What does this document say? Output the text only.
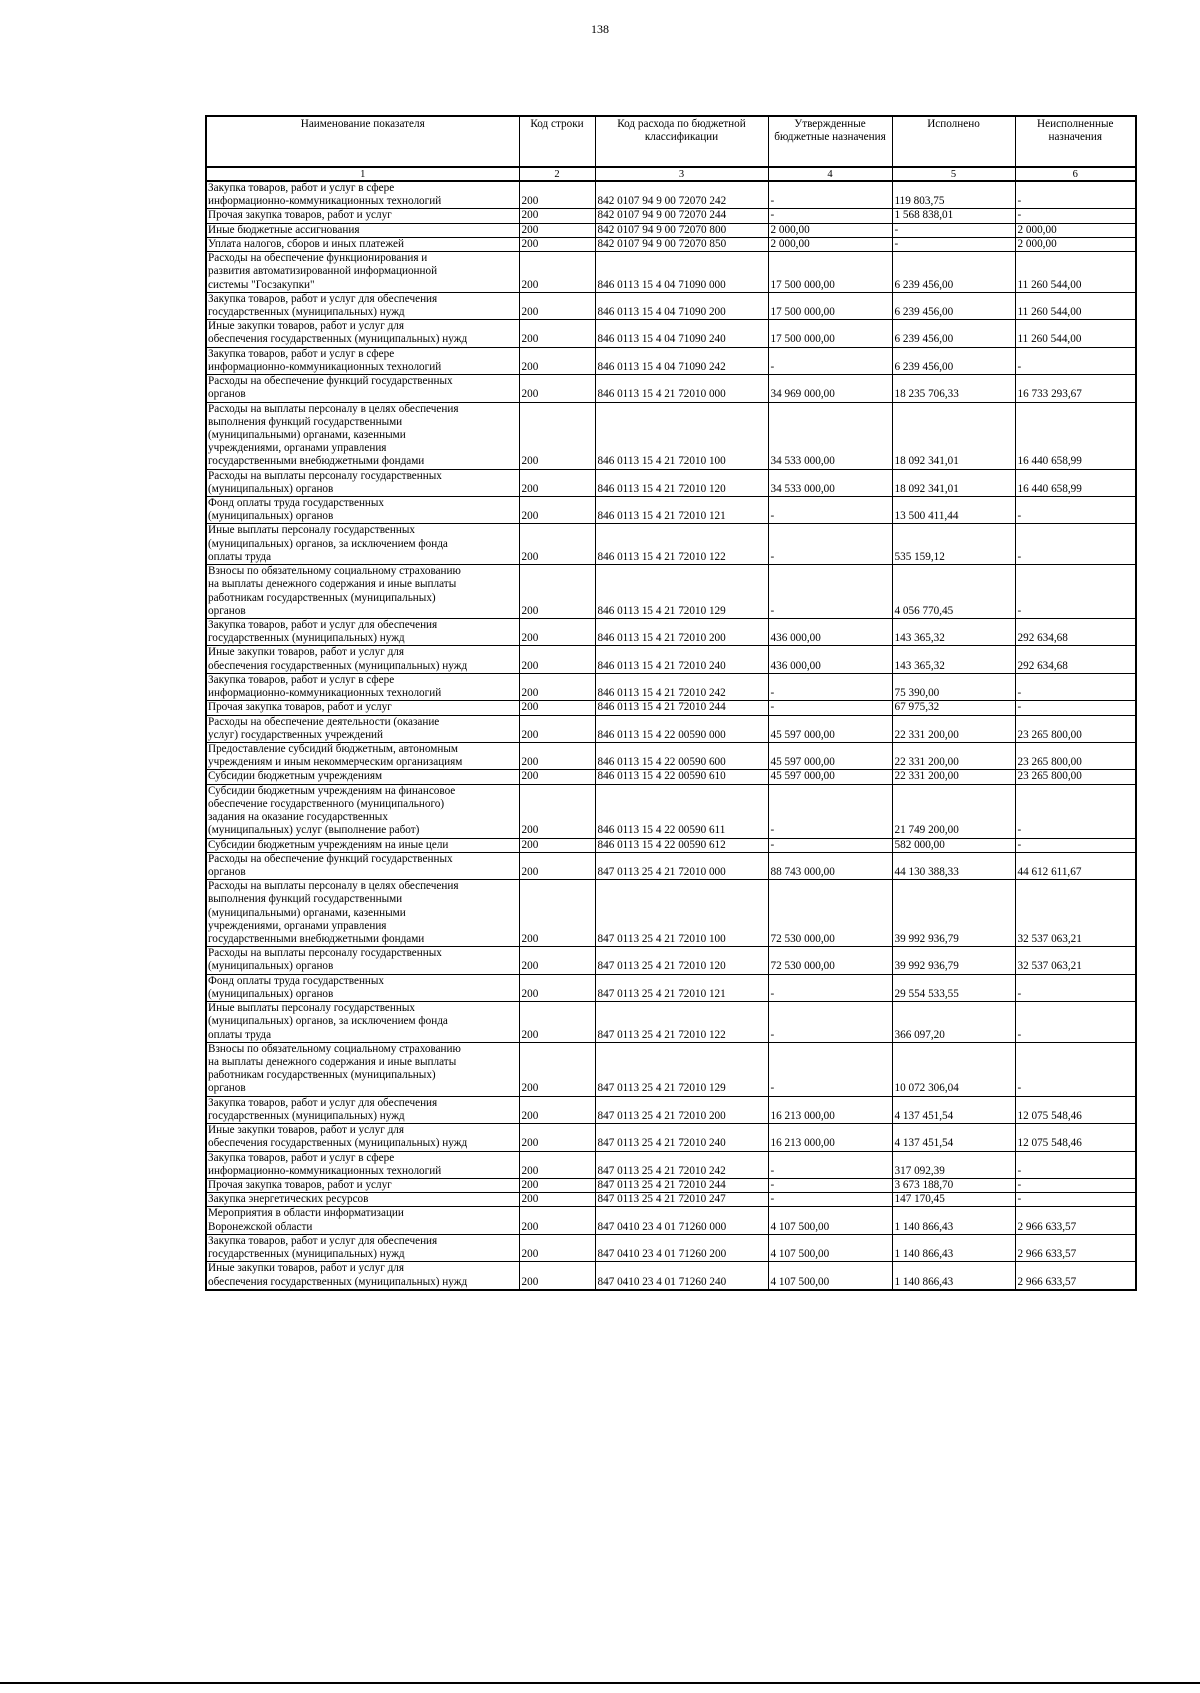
138
Наименование показателя	Код строки	Код расхода по бюджетной классификации	Утвержденные бюджетные назначения	Исполнено	Неисполненные назначения
1	2	3	4	5	6
Закупка товаров, работ и услуг в сфере
информационно-коммуникационных технологий	200	842 0107 94 9 00 72070 242	-	119 803,75	-
Прочая закупка товаров, работ и услуг	200	842 0107 94 9 00 72070 244	-	1 568 838,01	-
Иные бюджетные ассигнования	200	842 0107 94 9 00 72070 800	2 000,00	-	2 000,00
Уплата налогов, сборов и иных платежей	200	842 0107 94 9 00 72070 850	2 000,00	-	2 000,00
Расходы на обеспечение функционирования и
развития автоматизированной информационной
системы "Госзакупки"	200	846 0113 15 4 04 71090 000	17 500 000,00	6 239 456,00	11 260 544,00
Закупка товаров, работ и услуг для обеспечения
государственных (муниципальных) нужд	200	846 0113 15 4 04 71090 200	17 500 000,00	6 239 456,00	11 260 544,00
Иные закупки товаров, работ и услуг для
обеспечения государственных (муниципальных) нужд	200	846 0113 15 4 04 71090 240	17 500 000,00	6 239 456,00	11 260 544,00
Закупка товаров, работ и услуг в сфере
информационно-коммуникационных технологий	200	846 0113 15 4 04 71090 242	-	6 239 456,00	-
Расходы на обеспечение функций государственных
органов	200	846 0113 15 4 21 72010 000	34 969 000,00	18 235 706,33	16 733 293,67
Расходы на выплаты персоналу в целях обеспечения
выполнения функций государственными
(муниципальными) органами, казенными
учреждениями, органами управления
государственными внебюджетными фондами	200	846 0113 15 4 21 72010 100	34 533 000,00	18 092 341,01	16 440 658,99
Расходы на выплаты персоналу государственных
(муниципальных) органов	200	846 0113 15 4 21 72010 120	34 533 000,00	18 092 341,01	16 440 658,99
Фонд оплаты труда государственных
(муниципальных) органов	200	846 0113 15 4 21 72010 121	-	13 500 411,44	-
Иные выплаты персоналу государственных
(муниципальных) органов, за исключением фонда
оплаты труда	200	846 0113 15 4 21 72010 122	-	535 159,12	-
Взносы по обязательному социальному страхованию
на выплаты денежного содержания и иные выплаты
работникам государственных (муниципальных)
органов	200	846 0113 15 4 21 72010 129	-	4 056 770,45	-
Закупка товаров, работ и услуг для обеспечения
государственных (муниципальных) нужд	200	846 0113 15 4 21 72010 200	436 000,00	143 365,32	292 634,68
Иные закупки товаров, работ и услуг для
обеспечения государственных (муниципальных) нужд	200	846 0113 15 4 21 72010 240	436 000,00	143 365,32	292 634,68
Закупка товаров, работ и услуг в сфере
информационно-коммуникационных технологий	200	846 0113 15 4 21 72010 242	-	75 390,00	-
Прочая закупка товаров, работ и услуг	200	846 0113 15 4 21 72010 244	-	67 975,32	-
Расходы на обеспечение деятельности (оказание
услуг) государственных учреждений	200	846 0113 15 4 22 00590 000	45 597 000,00	22 331 200,00	23 265 800,00
Предоставление субсидий бюджетным, автономным
учреждениям и иным некоммерческим организациям	200	846 0113 15 4 22 00590 600	45 597 000,00	22 331 200,00	23 265 800,00
Субсидии бюджетным учреждениям	200	846 0113 15 4 22 00590 610	45 597 000,00	22 331 200,00	23 265 800,00
Субсидии бюджетным учреждениям на финансовое
обеспечение государственного (муниципального)
задания на оказание государственных
(муниципальных) услуг (выполнение работ)	200	846 0113 15 4 22 00590 611	-	21 749 200,00	-
Субсидии бюджетным учреждениям на иные цели	200	846 0113 15 4 22 00590 612	-	582 000,00	-
Расходы на обеспечение функций государственных
органов	200	847 0113 25 4 21 72010 000	88 743 000,00	44 130 388,33	44 612 611,67
Расходы на выплаты персоналу в целях обеспечения
выполнения функций государственными
(муниципальными) органами, казенными
учреждениями, органами управления
государственными внебюджетными фондами	200	847 0113 25 4 21 72010 100	72 530 000,00	39 992 936,79	32 537 063,21
Расходы на выплаты персоналу государственных
(муниципальных) органов	200	847 0113 25 4 21 72010 120	72 530 000,00	39 992 936,79	32 537 063,21
Фонд оплаты труда государственных
(муниципальных) органов	200	847 0113 25 4 21 72010 121	-	29 554 533,55	-
Иные выплаты персоналу государственных
(муниципальных) органов, за исключением фонда
оплаты труда	200	847 0113 25 4 21 72010 122	-	366 097,20	-
Взносы по обязательному социальному страхованию
на выплаты денежного содержания и иные выплаты
работникам государственных (муниципальных)
органов	200	847 0113 25 4 21 72010 129	-	10 072 306,04	-
Закупка товаров, работ и услуг для обеспечения
государственных (муниципальных) нужд	200	847 0113 25 4 21 72010 200	16 213 000,00	4 137 451,54	12 075 548,46
Иные закупки товаров, работ и услуг для
обеспечения государственных (муниципальных) нужд	200	847 0113 25 4 21 72010 240	16 213 000,00	4 137 451,54	12 075 548,46
Закупка товаров, работ и услуг в сфере
информационно-коммуникационных технологий	200	847 0113 25 4 21 72010 242	-	317 092,39	-
Прочая закупка товаров, работ и услуг	200	847 0113 25 4 21 72010 244	-	3 673 188,70	-
Закупка энергетических ресурсов	200	847 0113 25 4 21 72010 247	-	147 170,45	-
Мероприятия в области информатизации
Воронежской области	200	847 0410 23 4 01 71260 000	4 107 500,00	1 140 866,43	2 966 633,57
Закупка товаров, работ и услуг для обеспечения
государственных (муниципальных) нужд	200	847 0410 23 4 01 71260 200	4 107 500,00	1 140 866,43	2 966 633,57
Иные закупки товаров, работ и услуг для
обеспечения государственных (муниципальных) нужд	200	847 0410 23 4 01 71260 240	4 107 500,00	1 140 866,43	2 966 633,57
